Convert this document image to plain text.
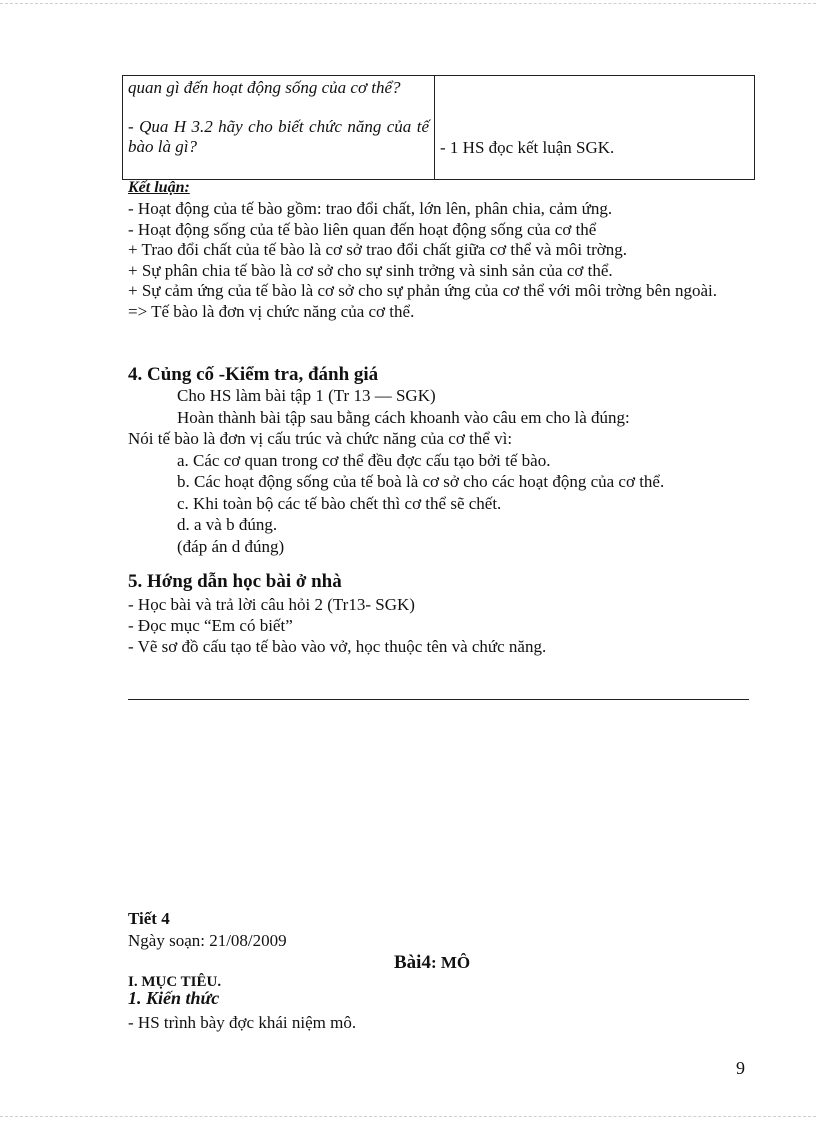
quan gì đến hoạt động sống của cơ thể?
- Qua H 3.2 hãy cho biết chức năng của tế bào là gì?	- 1 HS đọc kết luận SGK.
Kết luận:
- Hoạt động của tế bào gồm: trao đổi chất, lớn lên, phân chia, cảm ứng.
- Hoạt động sống của tế bào liên quan đến hoạt động sống của cơ thể
+ Trao đổi chất của tế bào là cơ sở trao đổi chất giữa cơ thể và môi trờng.
+ Sự phân chia tế bào là cơ sở cho sự sinh trởng và sinh sản của cơ thể.
+ Sự cảm ứng của tế bào là cơ sở cho sự phản ứng của cơ thể với môi trờng bên ngoài.
=> Tế bào là đơn vị chức năng của cơ thể.
4. Củng cố -Kiểm tra, đánh giá
Cho HS làm bài tập 1 (Tr 13 — SGK)
Hoàn thành bài tập sau bằng cách khoanh vào câu em cho là đúng:
Nói tế bào là đơn vị cấu trúc và chức năng của cơ thể vì:
a. Các cơ quan trong cơ thể đều đợc cấu tạo bởi tế bào.
b. Các hoạt động sống của tế boà là cơ sở cho các hoạt động của cơ thể.
c. Khi toàn bộ các tế bào chết thì cơ thể sẽ chết.
d. a và b đúng.
(đáp án d đúng)
5. Hớng dẫn học bài ở nhà
- Học bài và trả lời câu hỏi 2 (Tr13- SGK)
- Đọc mục “Em có biết”
- Vẽ sơ đồ cấu tạo tế bào vào vở, học thuộc tên và chức năng.
Tiết 4
Ngày soạn: 21/08/2009
Bài4: MÔ
I. MỤC TIÊU.
1. Kiến thức
- HS trình bày đợc khái niệm mô.
9
